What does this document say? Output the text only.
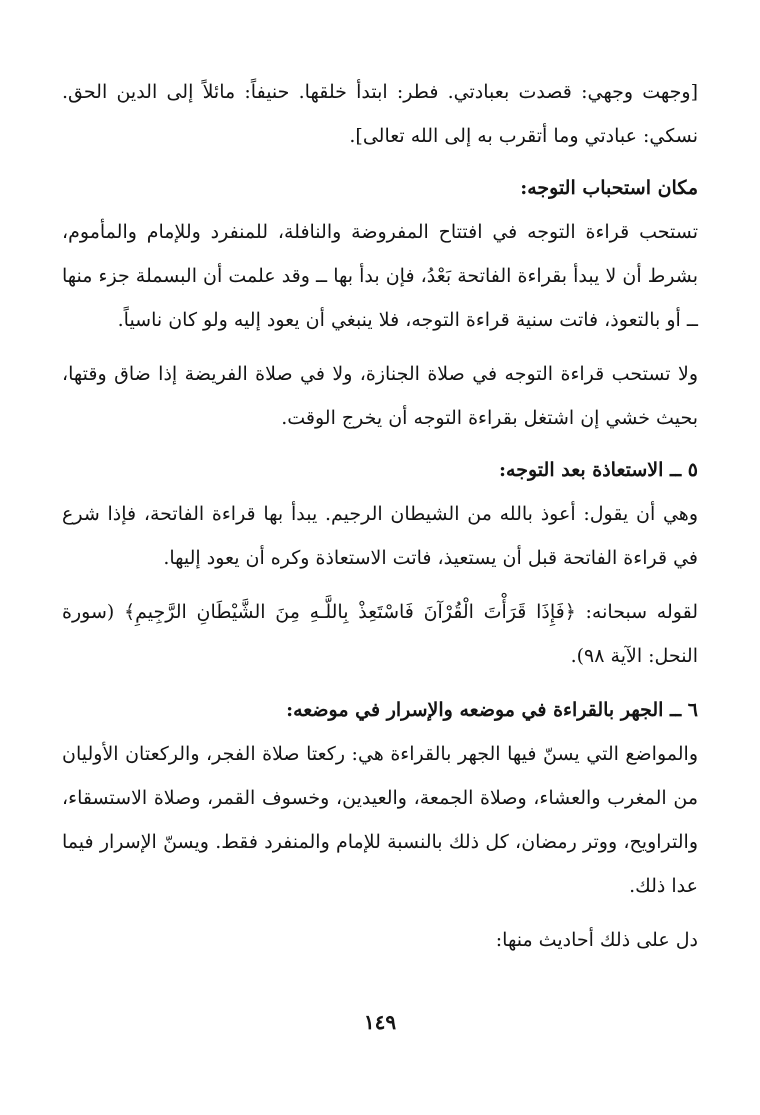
[وجهت وجهي: قصدت بعبادتي. فطر: ابتدأ خلقها. حنيفاً: مائلاً إلى الدين الحق. نسكي: عبادتي وما أتقرب به إلى الله تعالى].

مكان استحباب التوجه:

تستحب قراءة التوجه في افتتاح المفروضة والنافلة، للمنفرد وللإمام والمأموم، بشرط أن لا يبدأ بقراءة الفاتحة بَعْدُ، فإن بدأ بها ــ وقد علمت أن البسملة جزء منها ــ أو بالتعوذ، فاتت سنية قراءة التوجه، فلا ينبغي أن يعود إليه ولو كان ناسياً.

ولا تستحب قراءة التوجه في صلاة الجنازة، ولا في صلاة الفريضة إذا ضاق وقتها، بحيث خشي إن اشتغل بقراءة التوجه أن يخرج الوقت.

٥ ــ الاستعاذة بعد التوجه:

وهي أن يقول: أعوذ بالله من الشيطان الرجيم. يبدأ بها قراءة الفاتحة، فإذا شرع في قراءة الفاتحة قبل أن يستعيذ، فاتت الاستعاذة وكره أن يعود إليها.

لقوله سبحانه: ﴿فَإِذَا قَرَأْتَ الْقُرْآنَ فَاسْتَعِذْ بِاللَّـهِ مِنَ الشَّيْطَانِ الرَّجِيمِ﴾ (سورة النحل: الآية ٩٨).

٦ ــ الجهر بالقراءة في موضعه والإسرار في موضعه:

والمواضع التي يسنّ فيها الجهر بالقراءة هي: ركعتا صلاة الفجر، والركعتان الأوليان من المغرب والعشاء، وصلاة الجمعة، والعيدين، وخسوف القمر، وصلاة الاستسقاء، والتراويح، ووتر رمضان، كل ذلك بالنسبة للإمام والمنفرد فقط. ويسنّ الإسرار فيما عدا ذلك.

دل على ذلك أحاديث منها:

١٤٩
